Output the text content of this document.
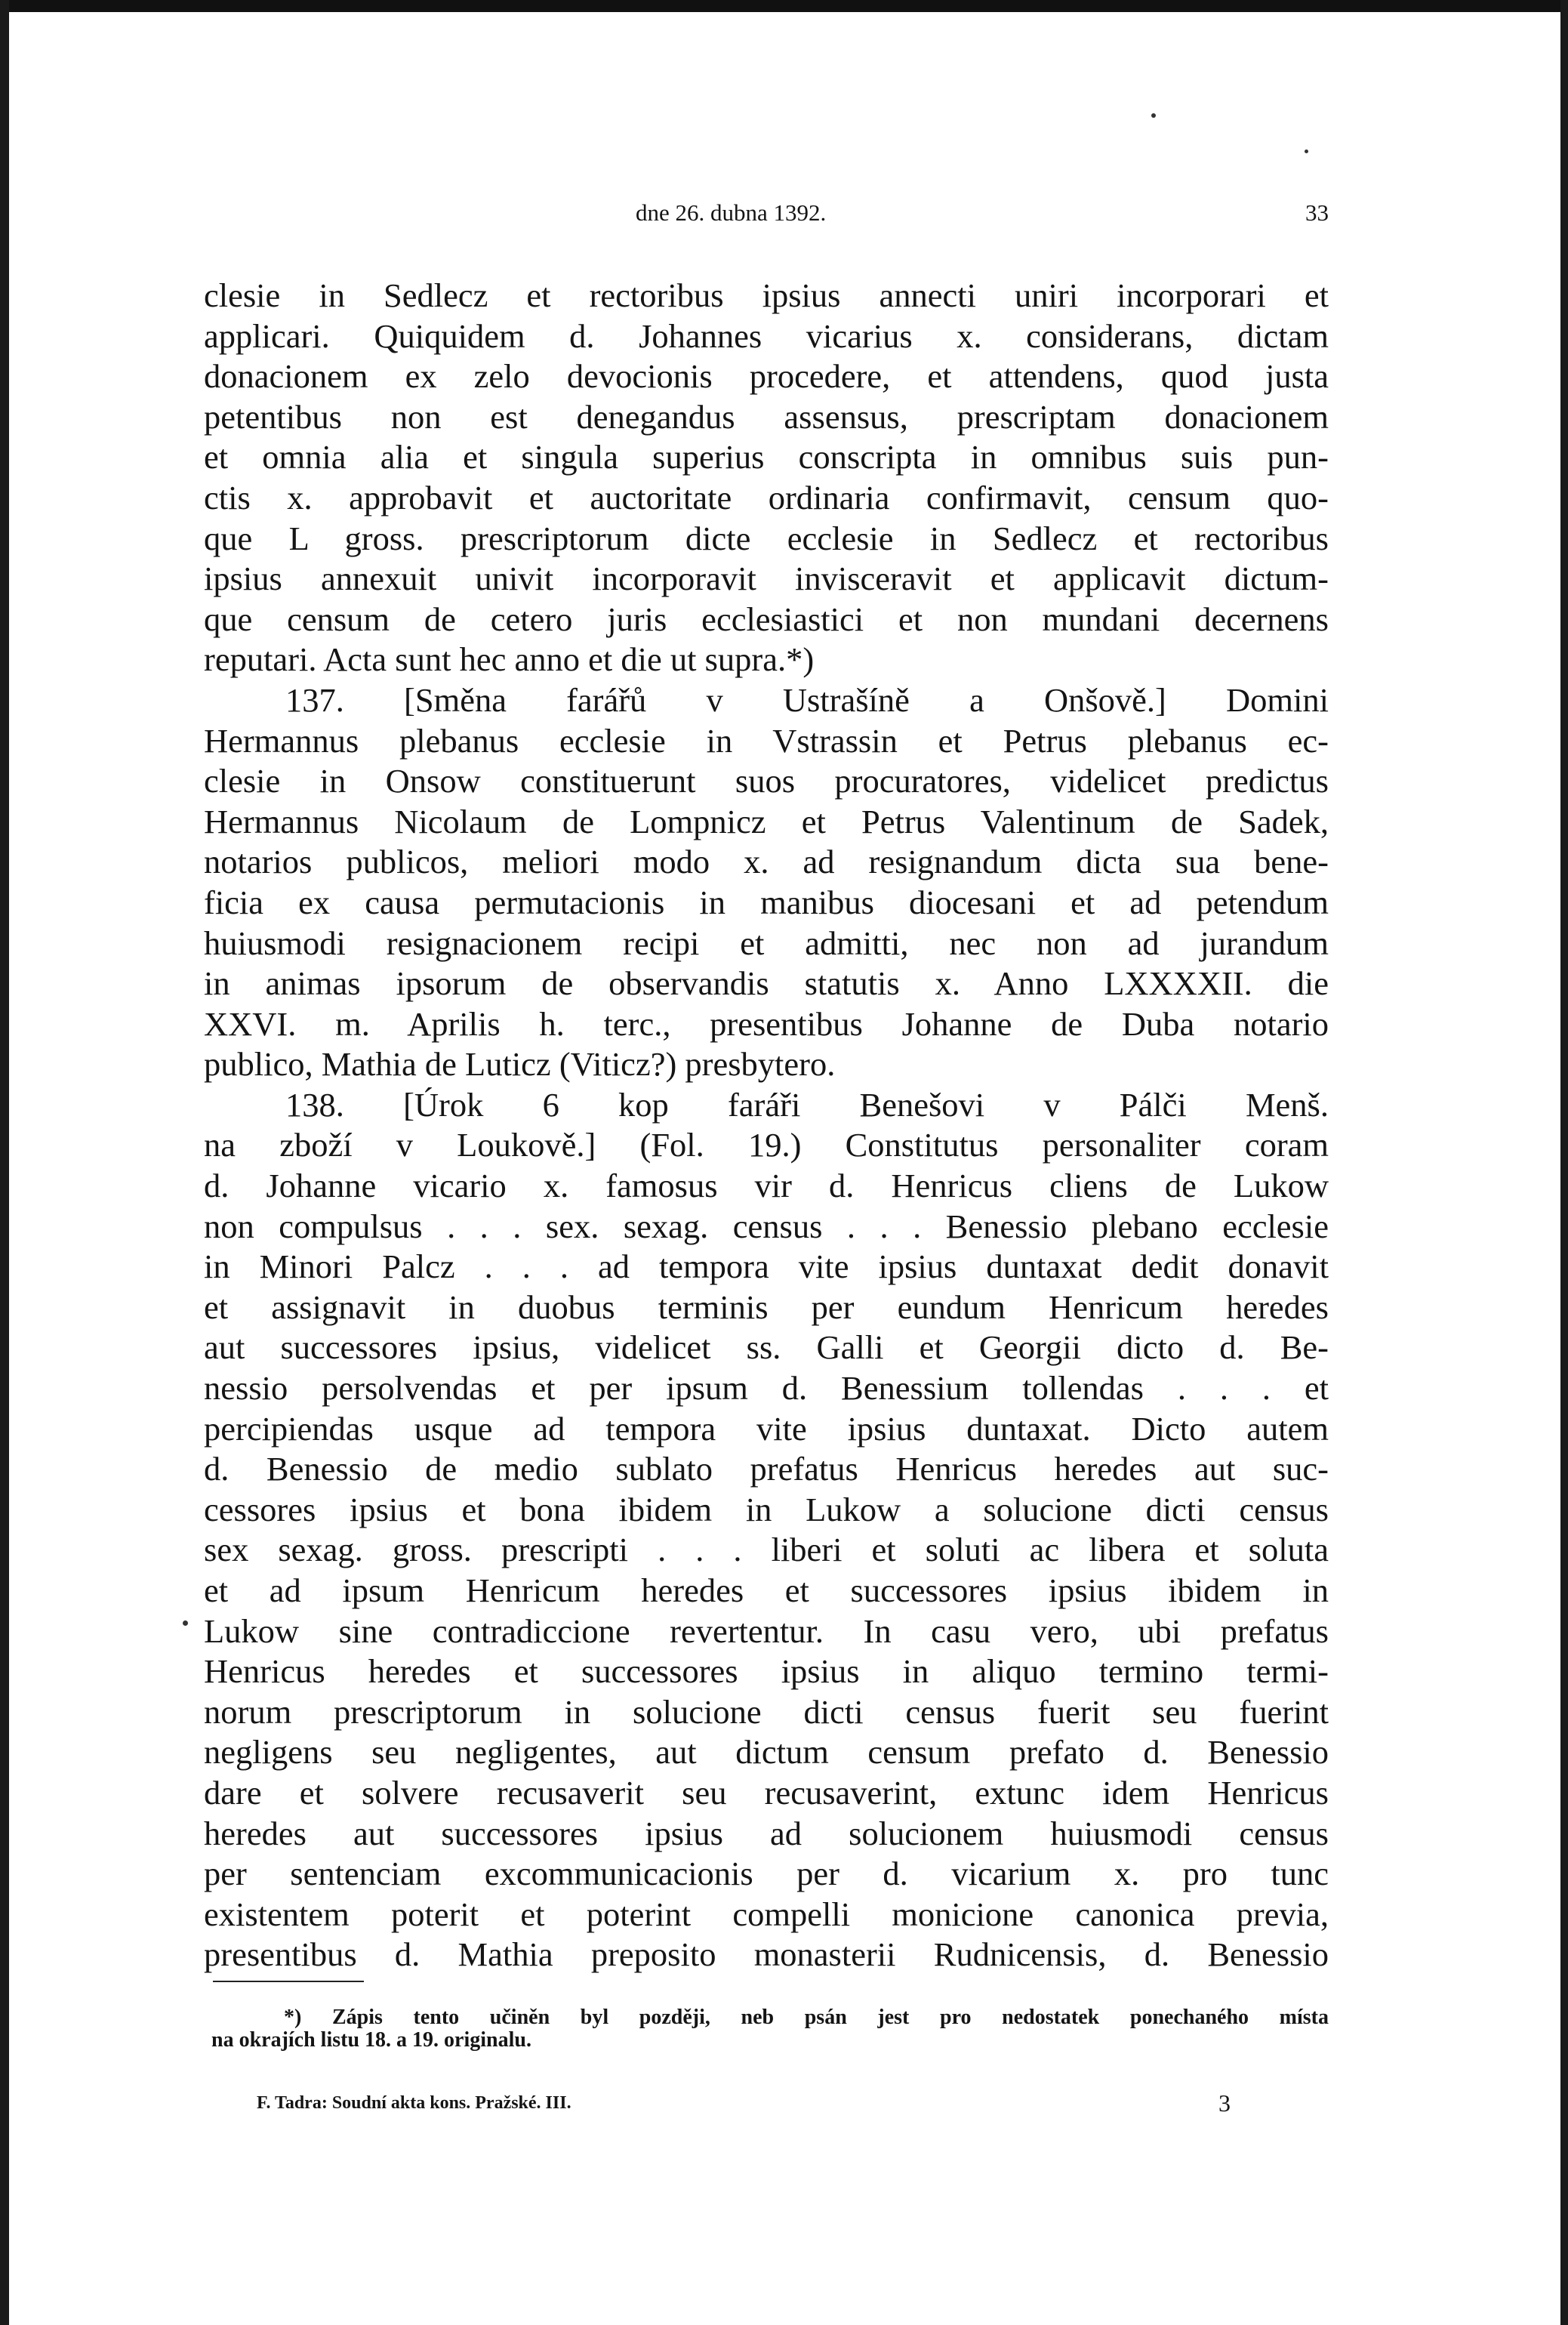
dne 26. dubna 1392.	33
clesie in Sedlecz et rectoribus ipsius annecti uniri incorporari et
applicari. Quiquidem d. Johannes vicarius x. considerans, dictam
donacionem ex zelo devocionis procedere, et attendens, quod justa
petentibus non est denegandus assensus, prescriptam donacionem
et omnia alia et singula superius conscripta in omnibus suis pun-
ctis x. approbavit et auctoritate ordinaria confirmavit, censum quo-
que L gross. prescriptorum dicte ecclesie in Sedlecz et rectoribus
ipsius annexuit univit incorporavit invisceravit et applicavit dictum-
que censum de cetero juris ecclesiastici et non mundani decernens
reputari. Acta sunt hec anno et die ut supra.*)
137. [Směna farářů v Ustrašíně a Onšově.] Domini
Hermannus plebanus ecclesie in Vstrassin et Petrus plebanus ec-
clesie in Onsow constituerunt suos procuratores, videlicet predictus
Hermannus Nicolaum de Lompnicz et Petrus Valentinum de Sadek,
notarios publicos, meliori modo x. ad resignandum dicta sua bene-
ficia ex causa permutacionis in manibus diocesani et ad petendum
huiusmodi resignacionem recipi et admitti, nec non ad jurandum
in animas ipsorum de observandis statutis x. Anno LXXXXII. die
XXVI. m. Aprilis h. terc., presentibus Johanne de Duba notario
publico, Mathia de Luticz (Viticz?) presbytero.
138. [Úrok 6 kop faráři Benešovi v Pálči Menš.
na zboží v Loukově.] (Fol. 19.) Constitutus personaliter coram
d. Johanne vicario x. famosus vir d. Henricus cliens de Lukow
non compulsus . . . sex. sexag. census . . . Benessio plebano ecclesie
in Minori Palcz . . . ad tempora vite ipsius duntaxat dedit donavit
et assignavit in duobus terminis per eundum Henricum heredes
aut successores ipsius, videlicet ss. Galli et Georgii dicto d. Be-
nessio persolvendas et per ipsum d. Benessium tollendas . . . et
percipiendas usque ad tempora vite ipsius duntaxat. Dicto autem
d. Benessio de medio sublato prefatus Henricus heredes aut suc-
cessores ipsius et bona ibidem in Lukow a solucione dicti census
sex sexag. gross. prescripti . . . liberi et soluti ac libera et soluta
et ad ipsum Henricum heredes et successores ipsius ibidem in
Lukow sine contradiccione revertentur. In casu vero, ubi prefatus
Henricus heredes et successores ipsius in aliquo termino termi-
norum prescriptorum in solucione dicti census fuerit seu fuerint
negligens seu negligentes, aut dictum censum prefato d. Benessio
dare et solvere recusaverit seu recusaverint, extunc idem Henricus
heredes aut successores ipsius ad solucionem huiusmodi census
per sentenciam excommunicacionis per d. vicarium x. pro tunc
existentem poterit et poterint compelli monicione canonica previa,
presentibus d. Mathia preposito monasterii Rudnicensis, d. Benessio
*) Zápis tento učiněn byl později, neb psán jest pro nedostatek ponechaného místa
na okrajích listu 18. a 19. originalu.
F. Tadra: Soudní akta kons. Pražské. III.	3
